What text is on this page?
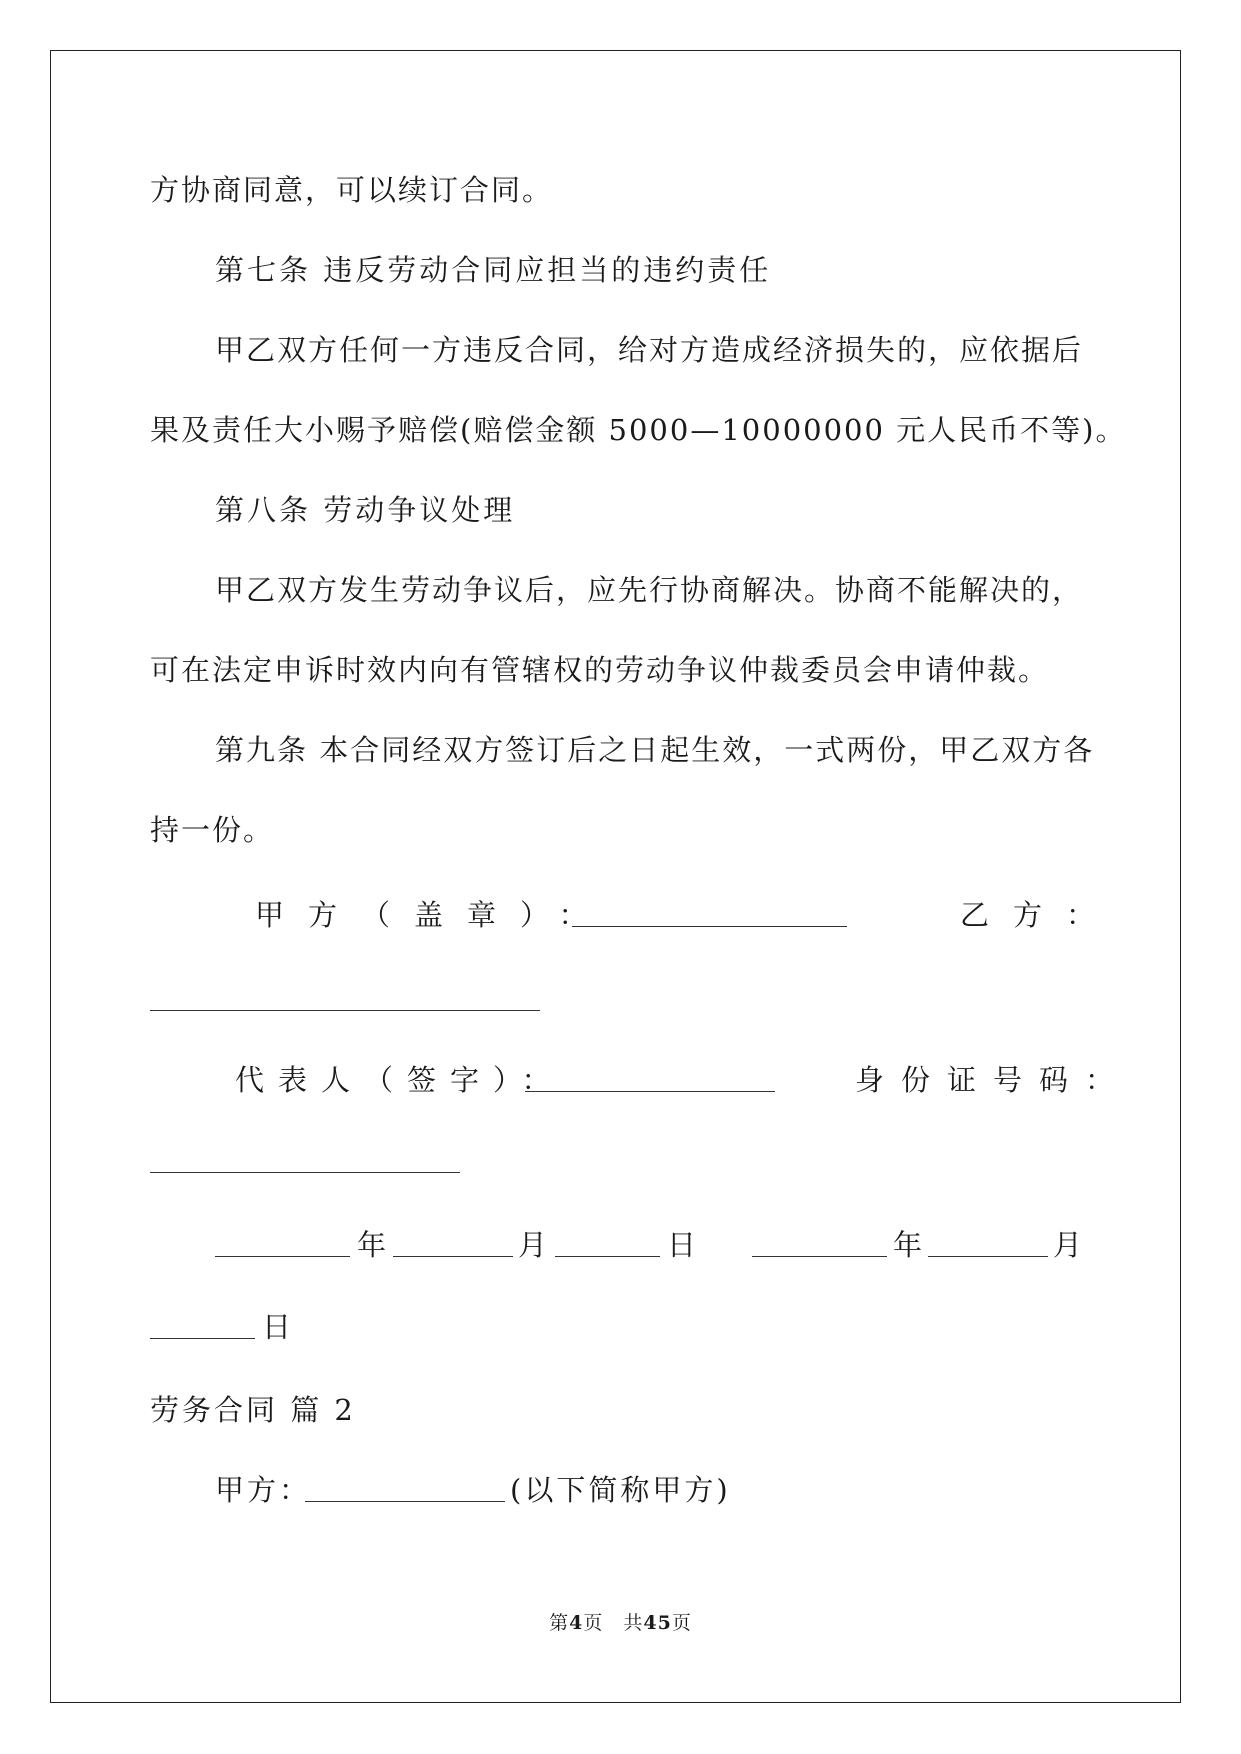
方协商同意，可以续订合同。
第七条 违反劳动合同应担当的违约责任
甲乙双方任何一方违反合同，给对方造成经济损失的，应依据后
果及责任大小赐予赔偿(赔偿金额 5000—10000000 元人民币不等)。
第八条 劳动争议处理
甲乙双方发生劳动争议后，应先行协商解决。协商不能解决的，
可在法定申诉时效内向有管辖权的劳动争议仲裁委员会申请仲裁。
第九条 本合同经双方签订后之日起生效，一式两份，甲乙双方各
持一份。
甲方（盖章）：	乙方：
代表人（签字）：	身份证号码：
年	月	日	年	月
日
劳务合同 篇 2
甲方：	(以下简称甲方)
第4页　共45页
